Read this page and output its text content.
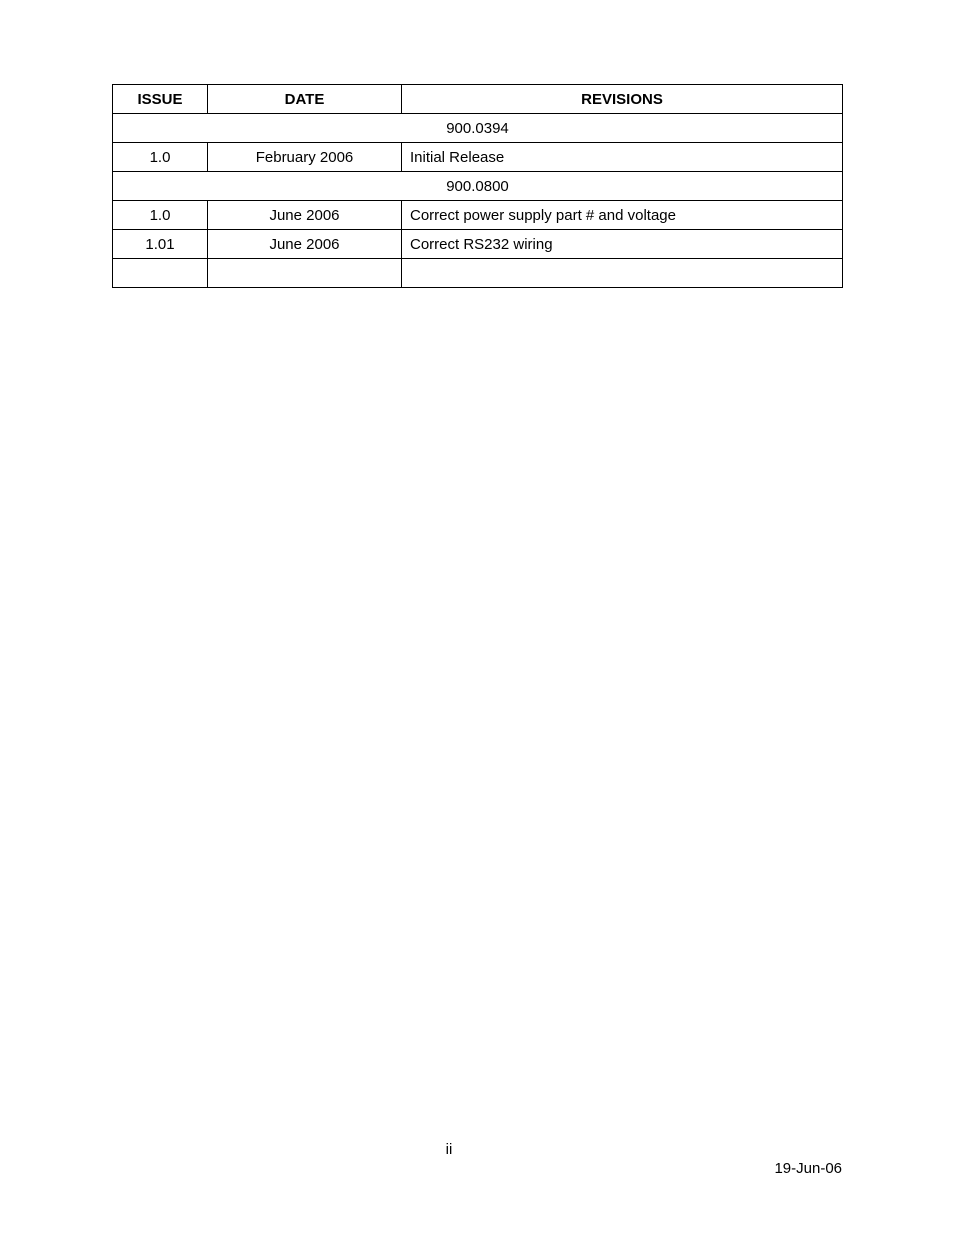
ISSUE	DATE	REVISIONS
900.0394		
1.0	February 2006	Initial Release
900.0800		
1.0	June 2006	Correct power supply part # and voltage
1.01	June 2006	Correct RS232 wiring

ii
19-Jun-06
